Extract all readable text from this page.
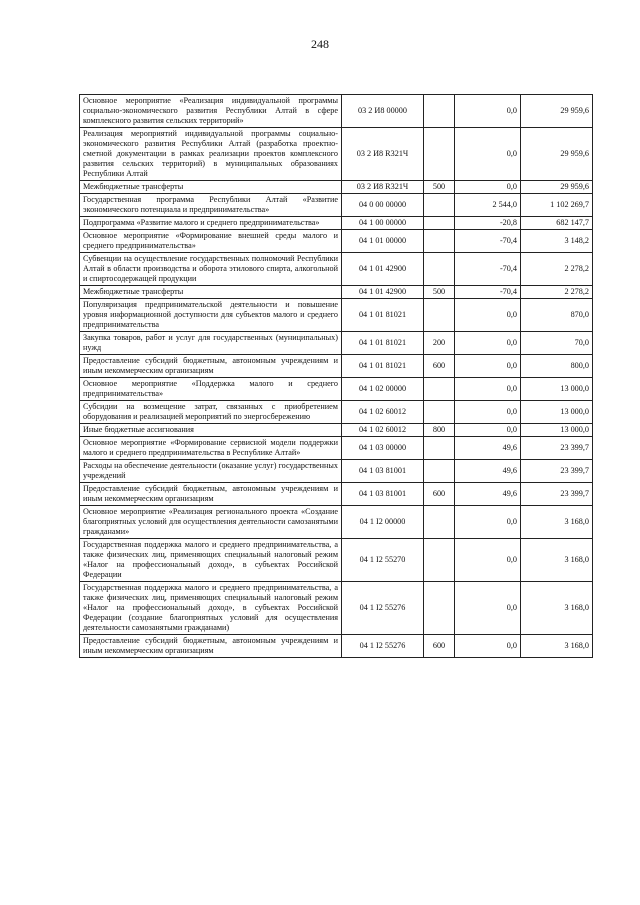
248
Основное мероприятие «Реализация индивидуальной программы социально-экономического развития Республики Алтай в сфере комплексного развития сельских территорий»	03 2 И8 00000		0,0	29 959,6
Реализация мероприятий индивидуальной программы социально-экономического развития Республики Алтай (разработка проектно-сметной документации в рамках реализации проектов комплексного развития сельских территорий) в муниципальных образованиях Республики Алтай	03 2 И8 R321Ч		0,0	29 959,6
Межбюджетные трансферты	03 2 И8 R321Ч	500	0,0	29 959,6
Государственная программа Республики Алтай «Развитие экономического потенциала и предпринимательства»	04 0 00 00000		2 544,0	1 102 269,7
Подпрограмма «Развитие малого и среднего предпринимательства»	04 1 00 00000		-20,8	682 147,7
Основное мероприятие «Формирование внешней среды малого и среднего предпринимательства»	04 1 01 00000		-70,4	3 148,2
Субвенции на осуществление государственных полномочий Республики Алтай в области производства и оборота этилового спирта, алкогольной и спиртосодержащей продукции	04 1 01 42900		-70,4	2 278,2
Межбюджетные трансферты	04 1 01 42900	500	-70,4	2 278,2
Популяризация предпринимательской деятельности и повышение уровня информационной доступности для субъектов малого и среднего предпринимательства	04 1 01 81021		0,0	870,0
Закупка товаров, работ и услуг для государственных (муниципальных) нужд	04 1 01 81021	200	0,0	70,0
Предоставление субсидий бюджетным, автономным учреждениям и иным некоммерческим организациям	04 1 01 81021	600	0,0	800,0
Основное мероприятие «Поддержка малого и среднего предпринимательства»	04 1 02 00000		0,0	13 000,0
Субсидии на возмещение затрат, связанных с приобретением оборудования и реализацией мероприятий по энергосбережению	04 1 02 60012		0,0	13 000,0
Иные бюджетные ассигнования	04 1 02 60012	800	0,0	13 000,0
Основное мероприятие «Формирование сервисной модели поддержки малого и среднего предпринимательства в Республике Алтай»	04 1 03 00000		49,6	23 399,7
Расходы на обеспечение деятельности (оказание услуг) государственных учреждений	04 1 03 81001		49,6	23 399,7
Предоставление субсидий бюджетным, автономным учреждениям и иным некоммерческим организациям	04 1 03 81001	600	49,6	23 399,7
Основное мероприятие «Реализация регионального проекта «Создание благоприятных условий для осуществления деятельности самозанятыми гражданами»	04 1 I2 00000		0,0	3 168,0
Государственная поддержка малого и среднего предпринимательства, а также физических лиц, применяющих специальный налоговый режим «Налог на профессиональный доход», в субъектах Российской Федерации	04 1 I2 55270		0,0	3 168,0
Государственная поддержка малого и среднего предпринимательства, а также физических лиц, применяющих специальный налоговый режим «Налог на профессиональный доход», в субъектах Российской Федерации (создание благоприятных условий для осуществления деятельности самозанятыми гражданами)	04 1 I2 55276		0,0	3 168,0
Предоставление субсидий бюджетным, автономным учреждениям и иным некоммерческим организациям	04 1 I2 55276	600	0,0	3 168,0
